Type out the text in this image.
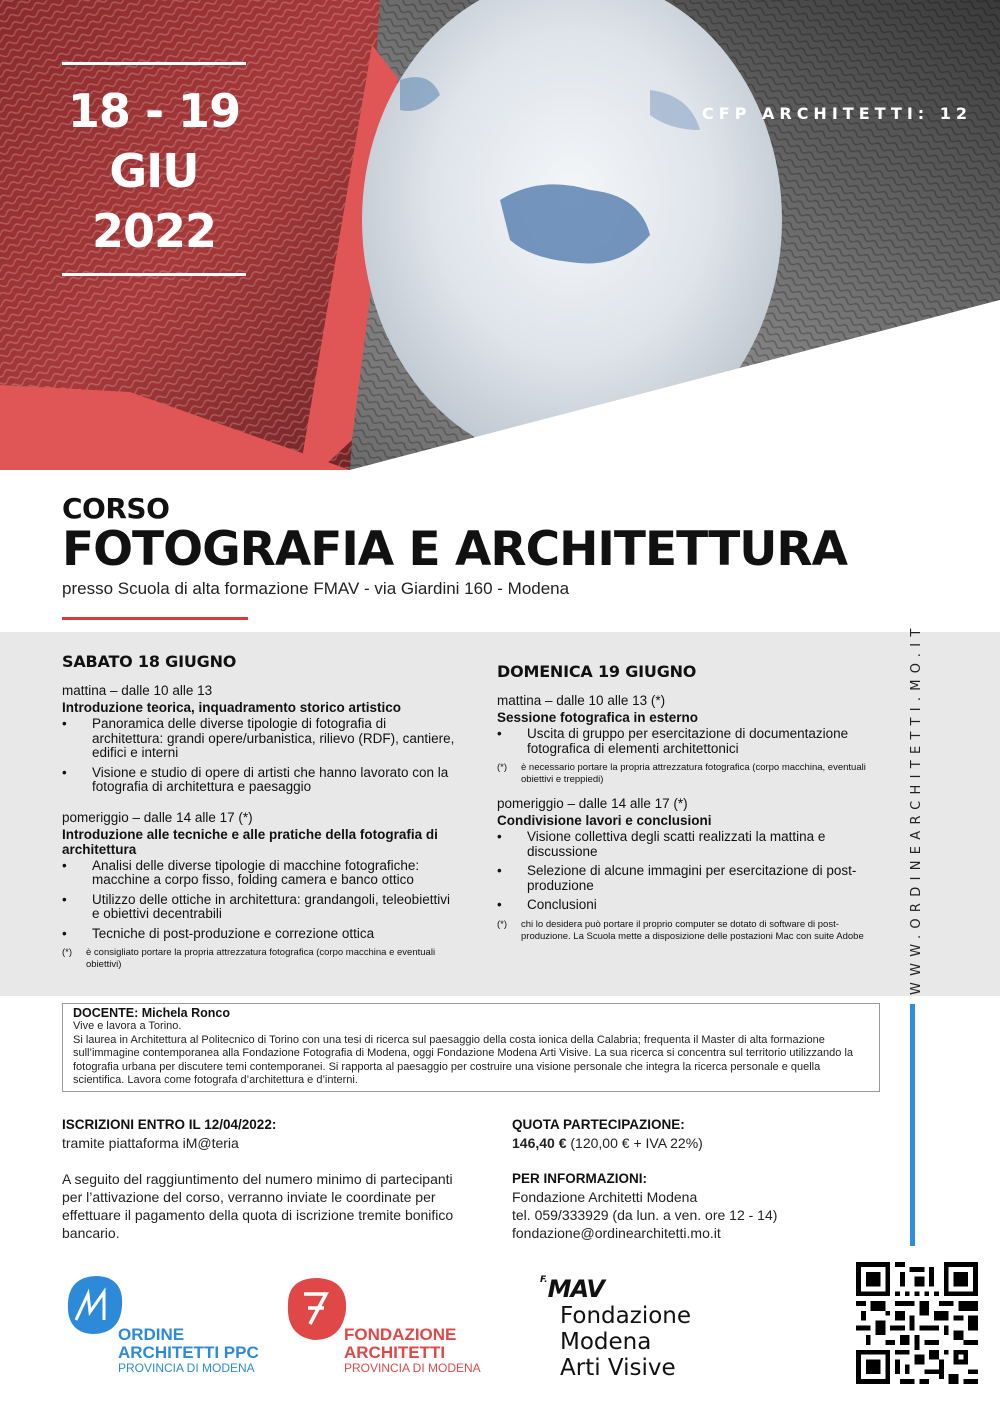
18 - 19
GIU
2022
CFP ARCHITETTI: 12
CORSO
FOTOGRAFIA E ARCHITETTURA
presso Scuola di alta formazione FMAV - via Giardini 160 - Modena
SABATO 18 GIUGNO
mattina – dalle 10 alle 13
Introduzione teorica, inquadramento storico artistico
• Panoramica delle diverse tipologie di fotografia di architettura: grandi opere/urbanistica, rilievo (RDF), cantiere, edifici e interni
• Visione e studio di opere di artisti che hanno lavorato con la fotografia di architettura e paesaggio
pomeriggio – dalle 14 alle 17 (*)
Introduzione alle tecniche e alle pratiche della fotografia di architettura
• Analisi delle diverse tipologie di macchine fotografiche: macchine a corpo fisso, folding camera e banco ottico
• Utilizzo delle ottiche in architettura: grandangoli, teleobiettivi e obiettivi decentrabili
• Tecniche di post-produzione e correzione ottica
(*) è consigliato portare la propria attrezzatura fotografica (corpo macchina e eventuali obiettivi)
DOMENICA 19 GIUGNO
mattina – dalle 10 alle 13 (*)
Sessione fotografica in esterno
• Uscita di gruppo per esercitazione di documentazione fotografica di elementi architettonici
(*) è necessario portare la propria attrezzatura fotografica (corpo macchina, eventuali obiettivi e treppiedi)
pomeriggio – dalle 14 alle 17 (*)
Condivisione lavori e conclusioni
• Visione collettiva degli scatti realizzati la mattina e discussione
• Selezione di alcune immagini per esercitazione di post-produzione
• Conclusioni
(*) chi lo desidera può portare il proprio computer se dotato di software di post-produzione. La Scuola mette a disposizione delle postazioni Mac con suite Adobe	WWW.ORDINEARCHITETTI.MO.IT
DOCENTE: Michela Ronco
Vive e lavora a Torino.
Si laurea in Architettura al Politecnico di Torino con una tesi di ricerca sul paesaggio della costa ionica della Calabria; frequenta il Master di alta formazione sull’immagine contemporanea alla Fondazione Fotografia di Modena, oggi Fondazione Modena Arti Visive. La sua ricerca si concentra sul territorio utilizzando la fotografia urbana per discutere temi contemporanei. Si rapporta al paesaggio per costruire una visione personale che integra la ricerca personale e quella scientifica. Lavora come fotografa d’architettura e d’interni.
ISCRIZIONI ENTRO IL 12/04/2022:
tramite piattaforma iM@teria
A seguito del raggiuntimento del numero minimo di partecipanti per l’attivazione del corso, verranno inviate le coordinate per effettuare il pagamento della quota di iscrizione tremite bonifico bancario.
QUOTA PARTECIPAZIONE:
146,40 € (120,00 € + IVA 22%)
PER INFORMAZIONI:
Fondazione Architetti Modena
tel. 059/333929 (da lun. a ven. ore 12 - 14)
fondazione@ordinearchitetti.mo.it
ORDINE
ARCHITETTI PPC
PROVINCIA DI MODENA
FONDAZIONE
ARCHITETTI
PROVINCIA DI MODENA
$^{F.}$MAV
Fondazione
Modena
Arti Visive
